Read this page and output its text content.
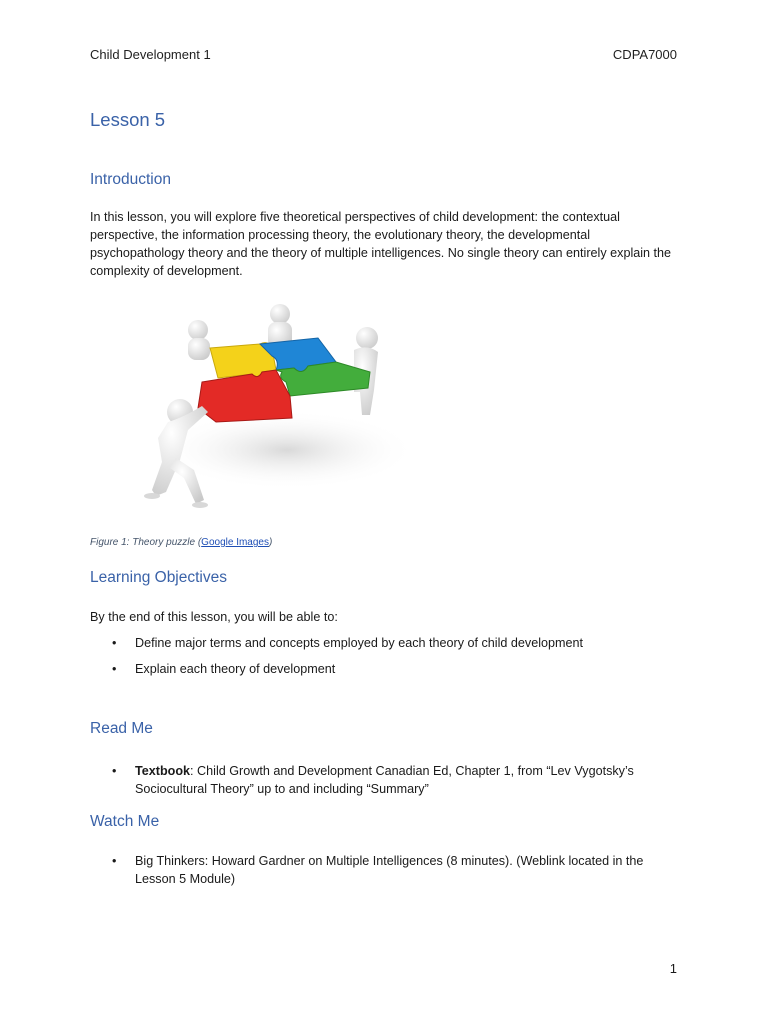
Child Development 1	CDPA7000
Lesson 5
Introduction
In this lesson, you will explore five theoretical perspectives of child development: the contextual perspective, the information processing theory, the evolutionary theory, the developmental psychopathology theory and the theory of multiple intelligences. No single theory can entirely explain the complexity of development.
Figure 1: Theory puzzle (Google Images)
Learning Objectives
By the end of this lesson, you will be able to:
• Define major terms and concepts employed by each theory of child development
• Explain each theory of development
Read Me
• Textbook: Child Growth and Development Canadian Ed, Chapter 1, from “Lev Vygotsky’s Sociocultural Theory” up to and including “Summary”
Watch Me
• Big Thinkers: Howard Gardner on Multiple Intelligences (8 minutes). (Weblink located in the Lesson 5 Module)
1
